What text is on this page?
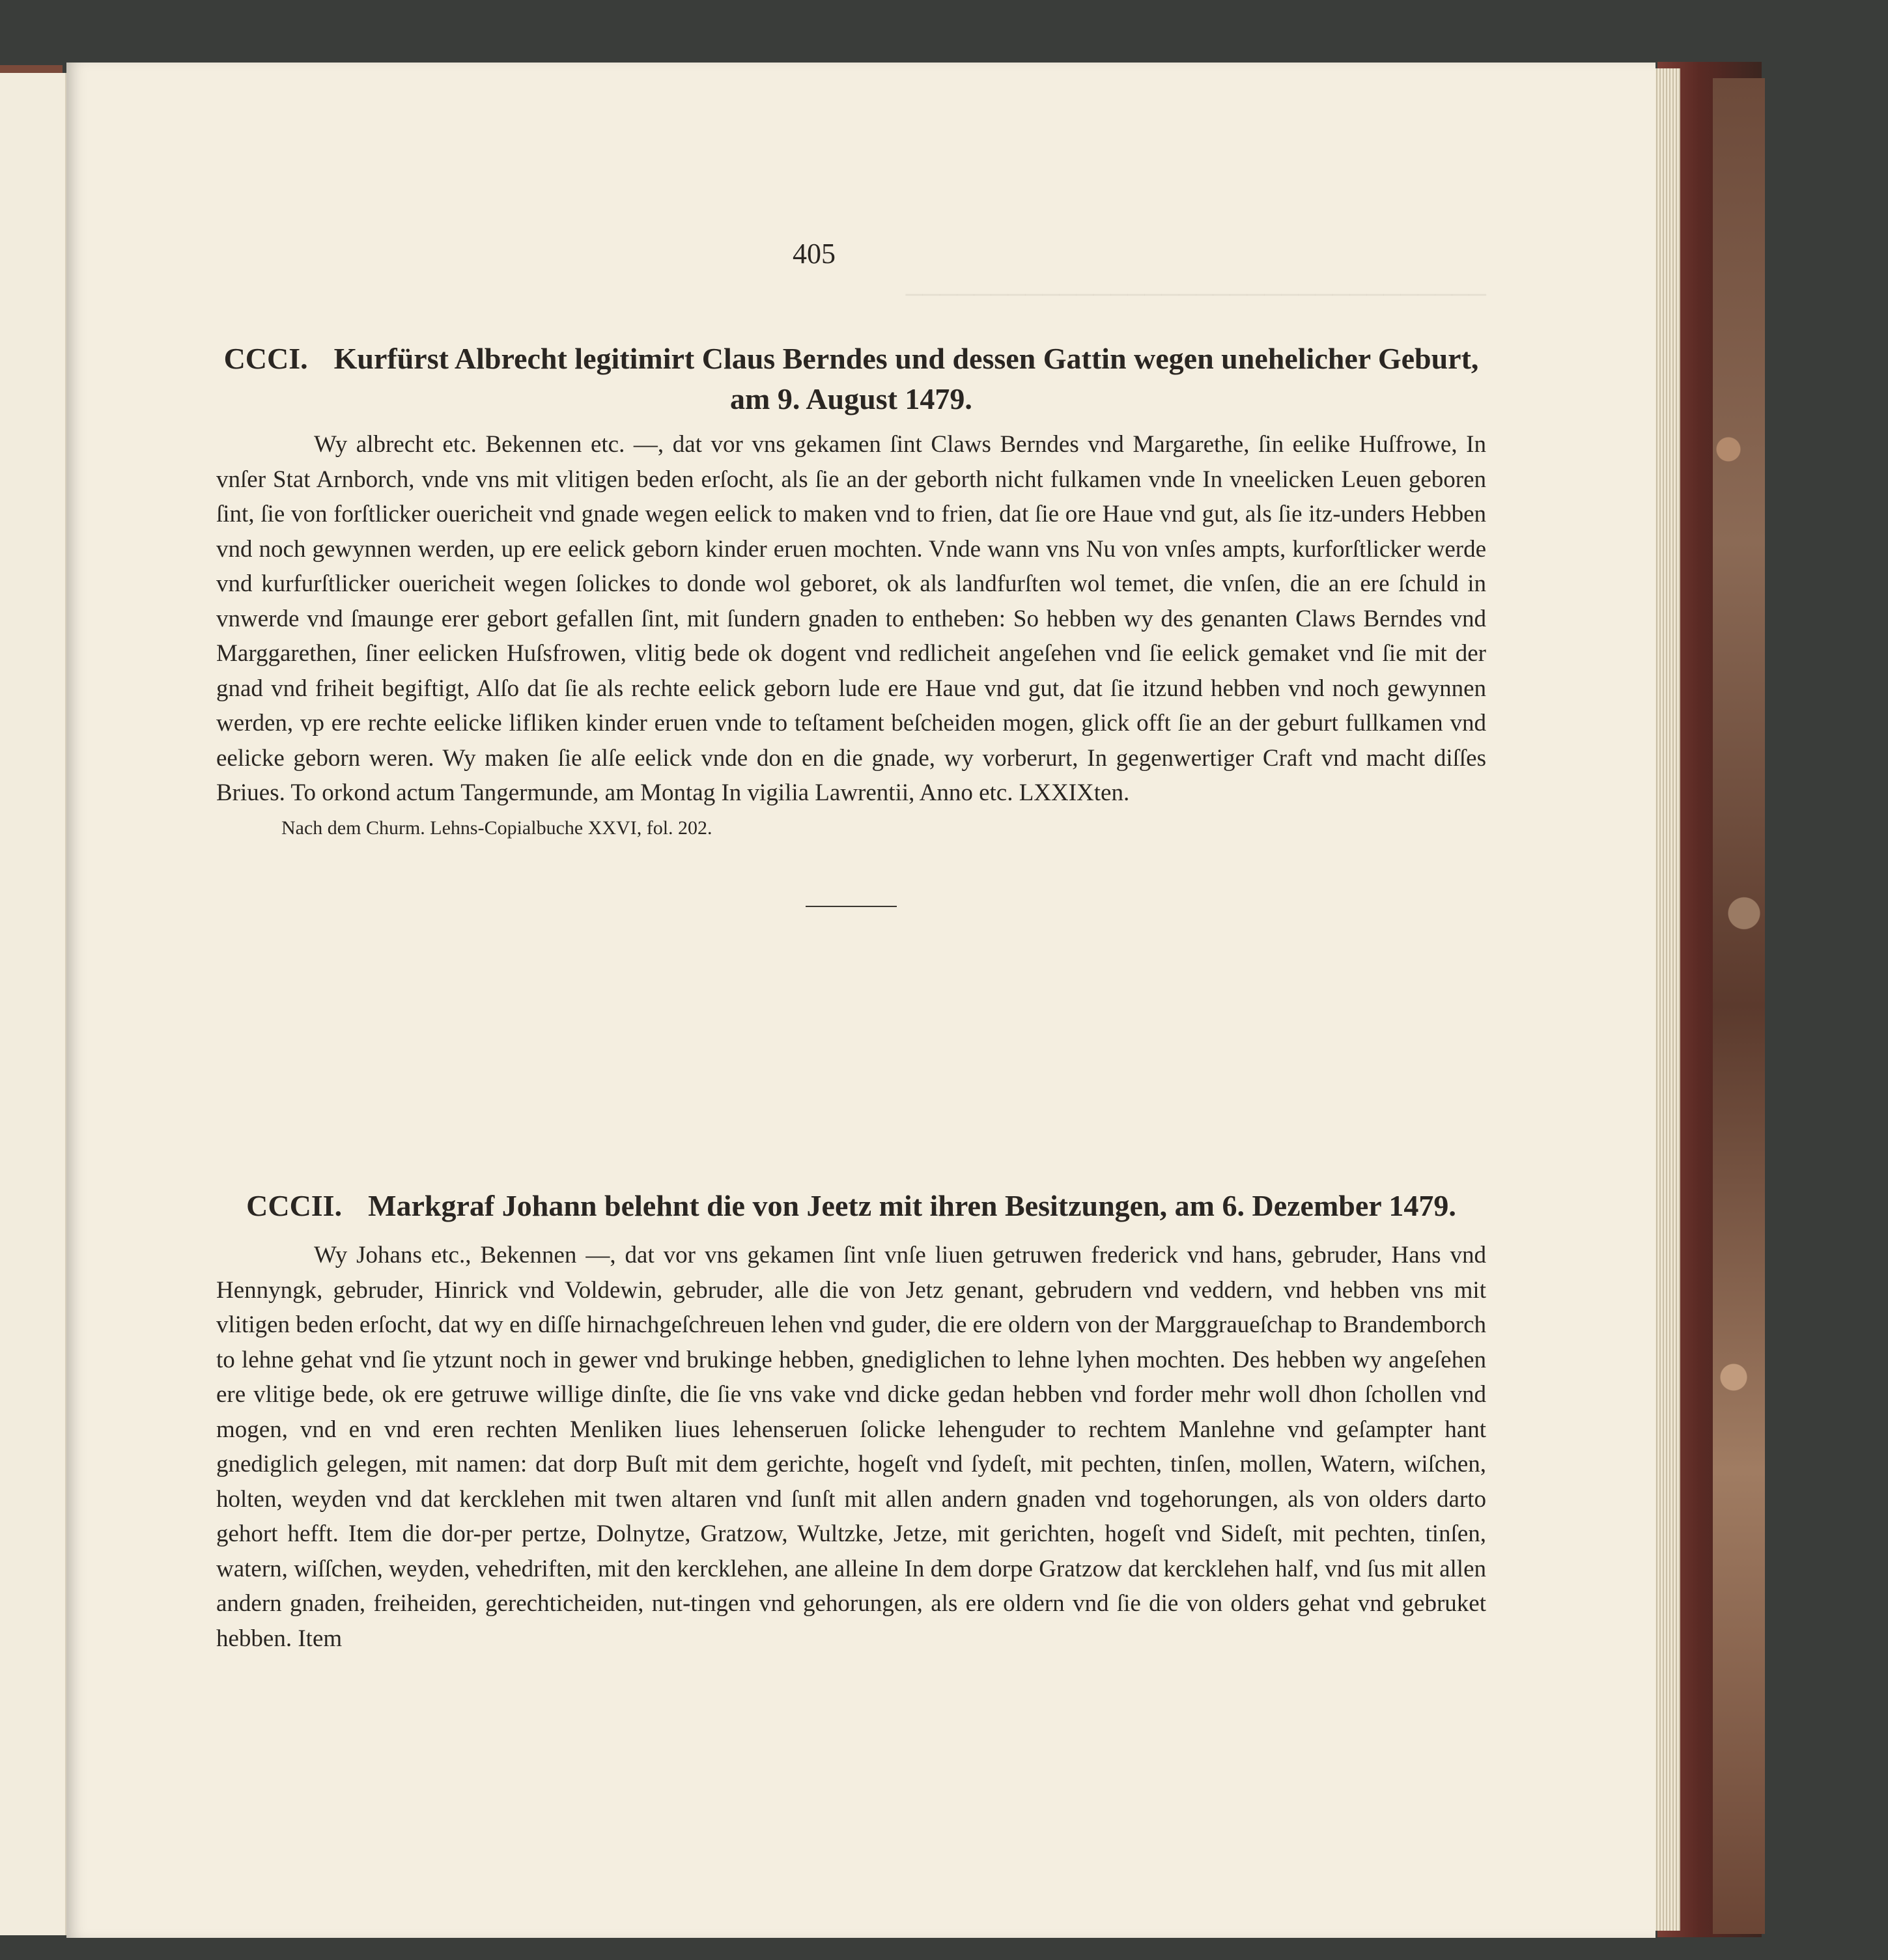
405
──────────────────────────────────
CCCI. Kurfürst Albrecht legitimirt Claus Berndes und dessen Gattin wegen unehelicher Geburt,
am 9. August 1479.

Wy albrecht etc. Bekennen etc. —, dat vor vns gekamen ſint Claws Berndes vnd Margarethe, ſin eelike Huſfrowe, In vnſer Stat Arnborch, vnde vns mit vlitigen beden erſocht, als ſie an der geborth nicht fulkamen vnde In vneelicken Leuen geboren ſint, ſie von forſtlicker ouericheit vnd gnade wegen eelick to maken vnd to frien, dat ſie ore Haue vnd gut, als ſie itz-unders Hebben vnd noch gewynnen werden, up ere eelick geborn kinder eruen mochten. Vnde wann vns Nu von vnſes ampts, kurforſtlicker werde vnd kurfurſtlicker ouericheit wegen ſolickes to donde wol geboret, ok als landfurſten wol temet, die vnſen, die an ere ſchuld in vnwerde vnd ſmaunge erer gebort gefallen ſint, mit ſundern gnaden to entheben: So hebben wy des genanten Claws Berndes vnd Marggarethen, ſiner eelicken Huſsfrowen, vlitig bede ok dogent vnd redlicheit angeſehen vnd ſie eelick gemaket vnd ſie mit der gnad vnd friheit begiftigt, Alſo dat ſie als rechte eelick geborn lude ere Haue vnd gut, dat ſie itzund hebben vnd noch gewynnen werden, vp ere rechte eelicke lifliken kinder eruen vnde to teſtament beſcheiden mogen, glick offt ſie an der geburt fullkamen vnd eelicke geborn weren. Wy maken ſie alſe eelick vnde don en die gnade, wy vorberurt, In gegenwertiger Craft vnd macht diſſes Briues. To orkond actum Tangermunde, am Montag In vigilia Lawrentii, Anno etc. LXXIXten.

Nach dem Churm. Lehns-Copialbuche XXVI, fol. 202.
CCCII. Markgraf Johann belehnt die von Jeetz mit ihren Besitzungen, am 6. Dezember 1479.

Wy Johans etc., Bekennen —, dat vor vns gekamen ſint vnſe liuen getruwen frederick vnd hans, gebruder, Hans vnd Hennyngk, gebruder, Hinrick vnd Voldewin, gebruder, alle die von Jetz genant, gebrudern vnd veddern, vnd hebben vns mit vlitigen beden erſocht, dat wy en diſſe hirnachgeſchreuen lehen vnd guder, die ere oldern von der Marggraueſchap to Brandemborch to lehne gehat vnd ſie ytzunt noch in gewer vnd brukinge hebben, gnediglichen to lehne lyhen mochten. Des hebben wy angeſehen ere vlitige bede, ok ere getruwe willige dinſte, die ſie vns vake vnd dicke gedan hebben vnd forder mehr woll dhon ſchollen vnd mogen, vnd en vnd eren rechten Menliken liues lehenseruen ſolicke lehenguder to rechtem Manlehne vnd geſampter hant gnediglich gelegen, mit namen: dat dorp Buſt mit dem gerichte, hogeſt vnd ſydeſt, mit pechten, tinſen, mollen, Watern, wiſchen, holten, weyden vnd dat kercklehen mit twen altaren vnd ſunſt mit allen andern gnaden vnd togehorungen, als von olders darto gehort hefft. Item die dor-per pertze, Dolnytze, Gratzow, Wultzke, Jetze, mit gerichten, hogeſt vnd Sideſt, mit pechten, tinſen, watern, wiſſchen, weyden, vehedriften, mit den kercklehen, ane alleine In dem dorpe Gratzow dat kercklehen half, vnd ſus mit allen andern gnaden, freiheiden, gerechticheiden, nut-tingen vnd gehorungen, als ere oldern vnd ſie die von olders gehat vnd gebruket hebben. Item
